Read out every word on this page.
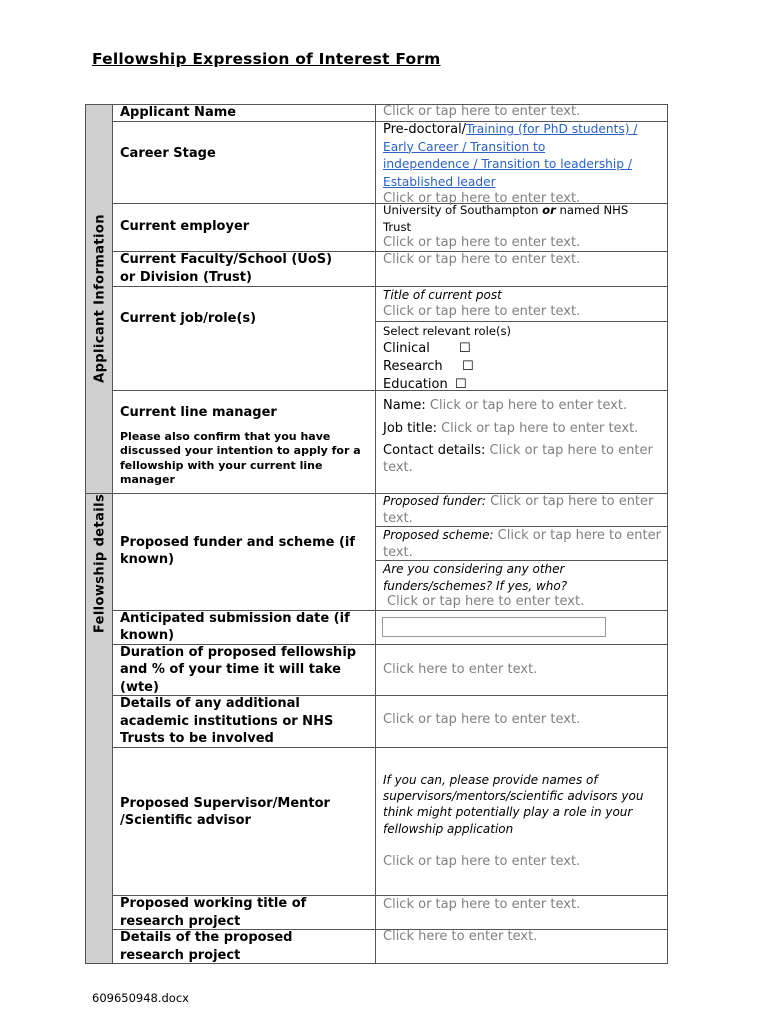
Fellowship Expression of Interest Form
Applicant Information
Fellowship details
Applicant Name
Career Stage
Current employer
Current Faculty/School (UoS)
or Division (Trust)
Current job/role(s)
Current line manager
Please also confirm that you have discussed your intention to apply for a fellowship with your current line manager
Proposed funder and scheme (if known)
Anticipated submission date (if known)
Duration of proposed fellowship and % of your time it will take (wte)
Details of any additional academic institutions or NHS Trusts to be involved
Proposed Supervisor/Mentor /Scientific advisor
Proposed working title of research project
Details of the proposed research project
Click or tap here to enter text.
Pre-doctoral/Training (for PhD students) /
Early Career / Transition to
independence / Transition to leadership /
Established leader
Click or tap here to enter text.
University of Southampton or named NHS
Trust
Click or tap here to enter text.
Click or tap here to enter text.
Title of current post
Click or tap here to enter text.
Select relevant role(s)
Clinical ☐
Research ☐
Education ☐
Name: Click or tap here to enter text.
Job title: Click or tap here to enter text.
Contact details: Click or tap here to enter text.
Proposed funder: Click or tap here to enter text.
Proposed scheme: Click or tap here to enter text.
Are you considering any other
funders/schemes? If yes, who?
Click or tap here to enter text.
Click here to enter text.
Click or tap here to enter text.
If you can, please provide names of supervisors/mentors/scientific advisors you think might potentially play a role in your fellowship application
Click or tap here to enter text.
Click or tap here to enter text.
Click here to enter text.
609650948.docx
